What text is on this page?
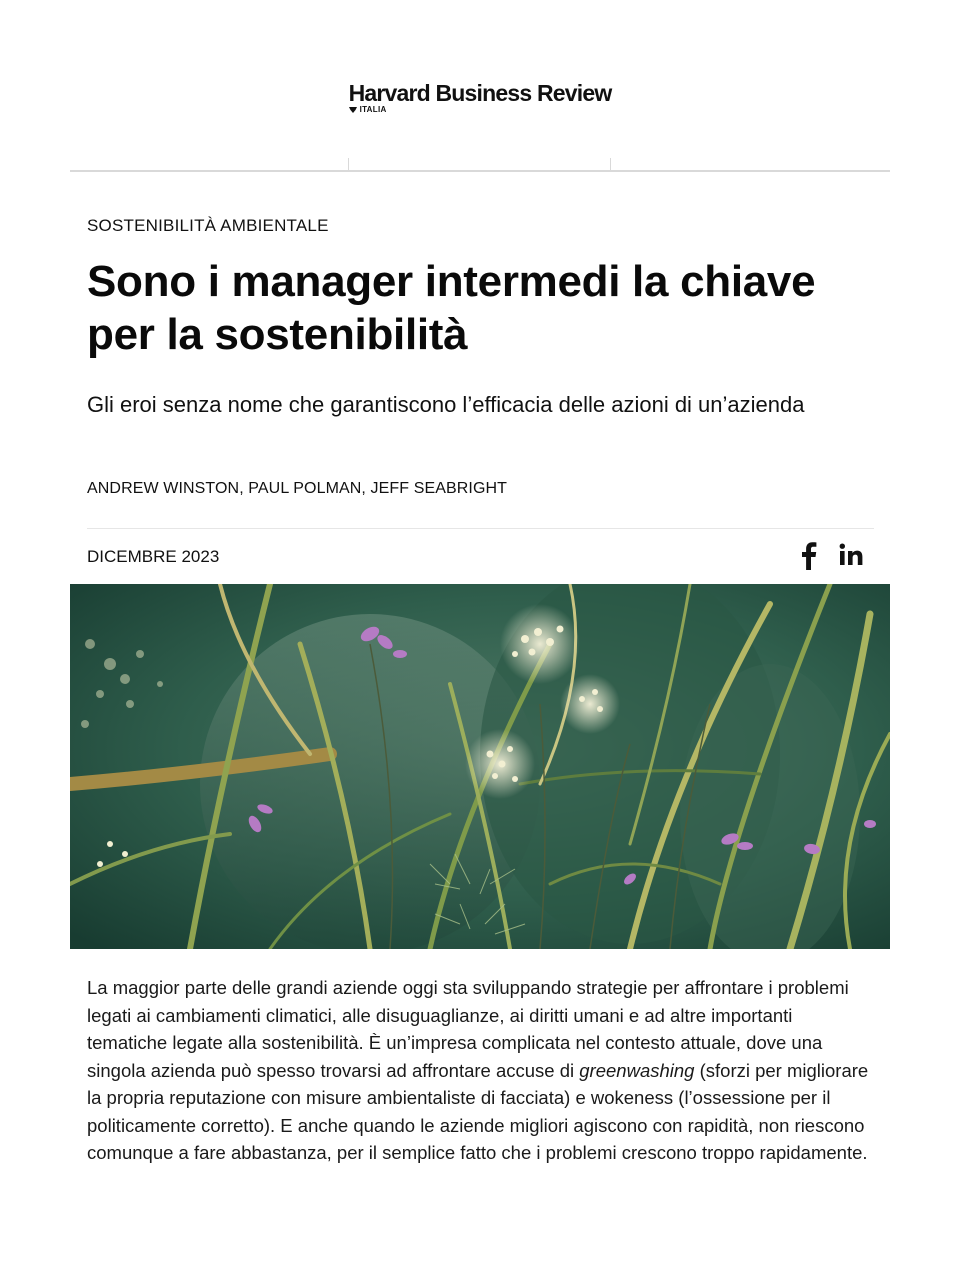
Harvard Business Review
ITALIA
SOSTENIBILITÀ AMBIENTALE
Sono i manager intermedi la chiave per la sostenibilità

Gli eroi senza nome che garantiscono l’efficacia delle azioni di un’azienda

ANDREW WINSTON, PAUL POLMAN, JEFF SEABRIGHT
DICEMBRE 2023

La maggior parte delle grandi aziende oggi sta sviluppando strategie per affrontare i problemi legati ai cambiamenti climatici, alle disuguaglianze, ai diritti umani e ad altre importanti tematiche legate alla sostenibilità. È un’impresa complicata nel contesto attuale, dove una singola azienda può spesso trovarsi ad affrontare accuse di greenwashing (sforzi per migliorare la propria reputazione con misure ambientaliste di facciata) e wokeness (l’ossessione per il politicamente corretto). E anche quando le aziende migliori agiscono con rapidità, non riescono comunque a fare abbastanza, per il semplice fatto che i problemi crescono troppo rapidamente.
